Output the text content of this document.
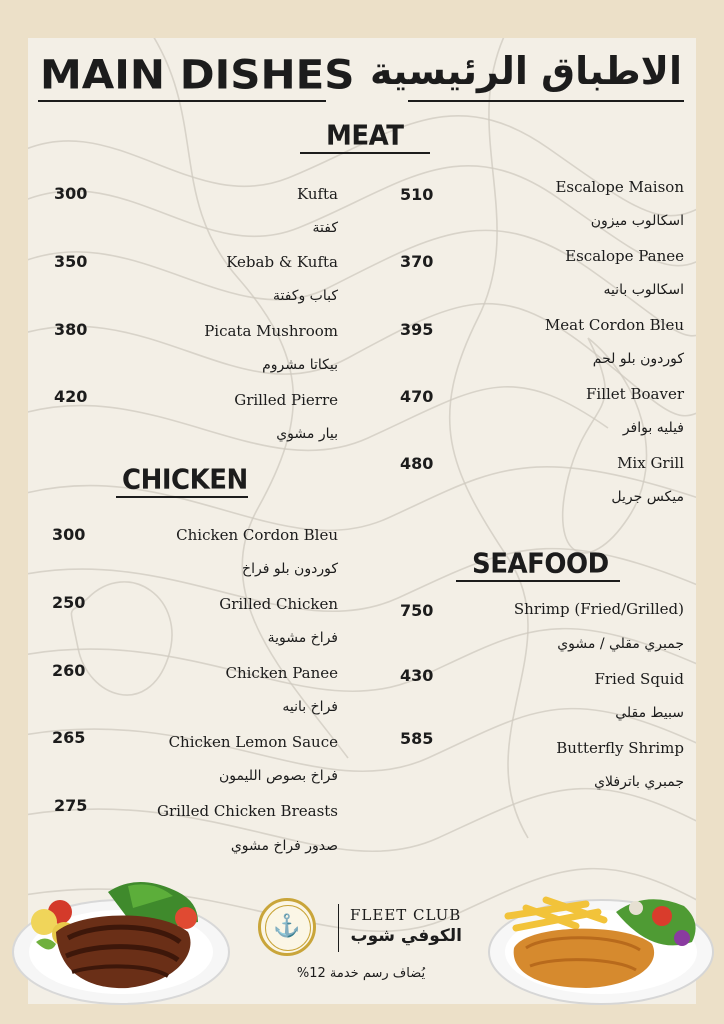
MAIN DISHES الاطباق الرئيسية
MEAT
300	Kufta
كفتة
350	Kebab & Kufta
كباب وكفتة
380	Picata Mushroom
بيكاتا مشروم
420	Grilled Pierre
بيار مشوي
510	Escalope Maison
اسكالوب ميزون
370	Escalope Panee
اسكالوب بانيه
395	Meat Cordon Bleu
كوردون بلو لحم
470	Fillet Boaver
فيليه بوافر
480	Mix Grill
ميكس جريل
CHICKEN
300	Chicken Cordon Bleu
كوردون بلو فراخ
250	Grilled Chicken
فراخ مشوية
260	Chicken Panee
فراخ بانيه
265	Chicken Lemon Sauce
فراخ بصوص الليمون
275	Grilled Chicken Breasts
صدور فراخ مشوي
SEAFOOD
750	Shrimp (Fried/Grilled)
جمبري مقلي / مشوي
430	Fried Squid
سبيط مقلي
585	Butterfly Shrimp
جمبري باترفلاي
⚓	FLEET CLUB
الكوفي شوب
يُضاف رسم خدمة 12%
